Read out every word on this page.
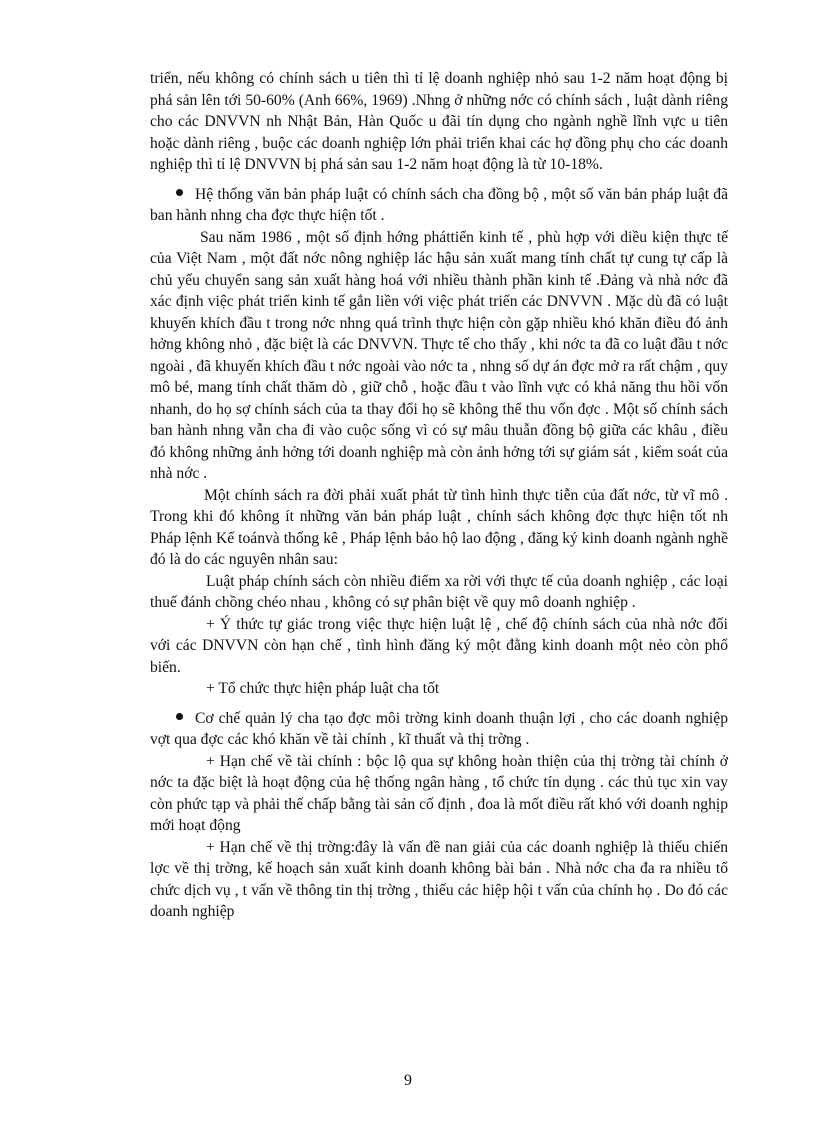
triển, nếu không có chính sách u tiên thì tỉ lệ doanh nghiệp nhỏ sau 1-2 năm hoạt động bị phá sản lên tới 50-60% (Anh 66%, 1969) .Nhng ở những nớc có chính sách , luật dành riêng cho các DNVVN nh Nhật Bản, Hàn Quốc u đãi tín dụng cho ngành nghề lĩnh vực u tiên hoặc dành riêng , buộc các doanh nghiệp lớn phải triển khai các hợ đồng phụ cho các doanh nghiệp thì tỉ lệ DNVVN bị phá sản sau 1-2 năm hoạt động là từ 10-18%.

Hệ thống văn bản pháp luật có chính sách cha đồng bộ , một số văn bản pháp luật đã ban hành nhng cha đợc thực hiện tốt .

Sau năm 1986 , một số định hớng pháttiển kinh tế , phù hợp với diều kiện thực tế của Việt Nam , một đất nớc nông nghiệp lác hậu sản xuất mang tính chất tự cung tự cấp là chủ yếu chuyển sang sản xuất hàng hoá với nhiều thành phần kinh tế .Đảng và nhà nớc đã xác định việc phát triển kinh tế gắn liền với việc phát triển các DNVVN . Mặc dù đã có luật khuyến khích đầu t trong nớc nhng quá trình thực hiện còn gặp nhiều khó khăn điều đó ảnh hởng không nhỏ , đặc biệt là các DNVVN. Thực tế cho thấy , khi nớc ta đã co luật đầu t nớc ngoài , đã khuyến khích đầu t nớc ngoài vào nớc ta , nhng số dự án đợc mở ra rất chậm , quy mô bé, mang tính chất thăm dò , giữ chỗ , hoặc đầu t vào lĩnh vực có khả năng thu hồi vốn nhanh, do họ sợ chính sách của ta thay đổi họ sẽ không thể thu vốn đợc . Một số chính sách ban hành nhng vẫn cha đi vào cuộc sống vì có sự mâu thuẫn đồng bộ giữa các khâu , điều đó không những ảnh hởng tới doanh nghiệp mà còn ảnh hởng tới sự giám sát , kiểm soát của nhà nớc .

Một chính sách ra đời phải xuất phát từ tình hình thực tiễn của đất nớc, từ vĩ mô . Trong khi đó không ít những văn bản pháp luật , chính sách không đợc thực hiện tốt nh Pháp lệnh Kế toánvà thống kê , Pháp lệnh bảo hộ lao động , đăng ký kinh doanh ngành nghề đó là do các nguyên nhân sau:

Luật pháp chính sách còn nhiều điểm xa rời với thực tế của doanh nghiệp , các loại thuế đánh chồng chéo nhau , không có sự phân biệt về quy mô doanh nghiệp .

+ Ý thức tự giác trong việc thực hiện luật lệ , chế độ chính sách của nhà nớc đối với các DNVVN còn hạn chế , tình hình đăng ký một đằng kinh doanh một nẻo còn phổ biến.

+ Tổ chức thực hiện pháp luật cha tốt

Cơ chế quản lý cha tạo đợc môi trờng kinh doanh thuận lợi , cho các doanh nghiệp vợt qua đợc các khó khăn về tài chính , kĩ thuất và thị trờng .

+ Hạn chế về tài chính : bộc lộ qua sự không hoàn thiện của thị trờng tài chính ở nớc ta đặc biệt là hoạt động của hệ thống ngân hàng , tổ chức tín dụng . các thủ tục xin vay còn phức tạp và phải thế chấp bằng tài sản cố định , đoa là mốt điều rất khó với doanh nghịp mới hoạt động

+ Hạn chế về thị trờng:đây là vấn đề nan giải của các doanh nghiệp là thiếu chiến lợc về thị trờng, kế hoạch sản xuất kinh doanh không bài bản . Nhà nớc cha đa ra nhiều tổ chức dịch vụ , t vấn về thông tin thị trờng , thiếu các hiệp hội t vấn của chính họ . Do đó các doanh nghiệp

9
